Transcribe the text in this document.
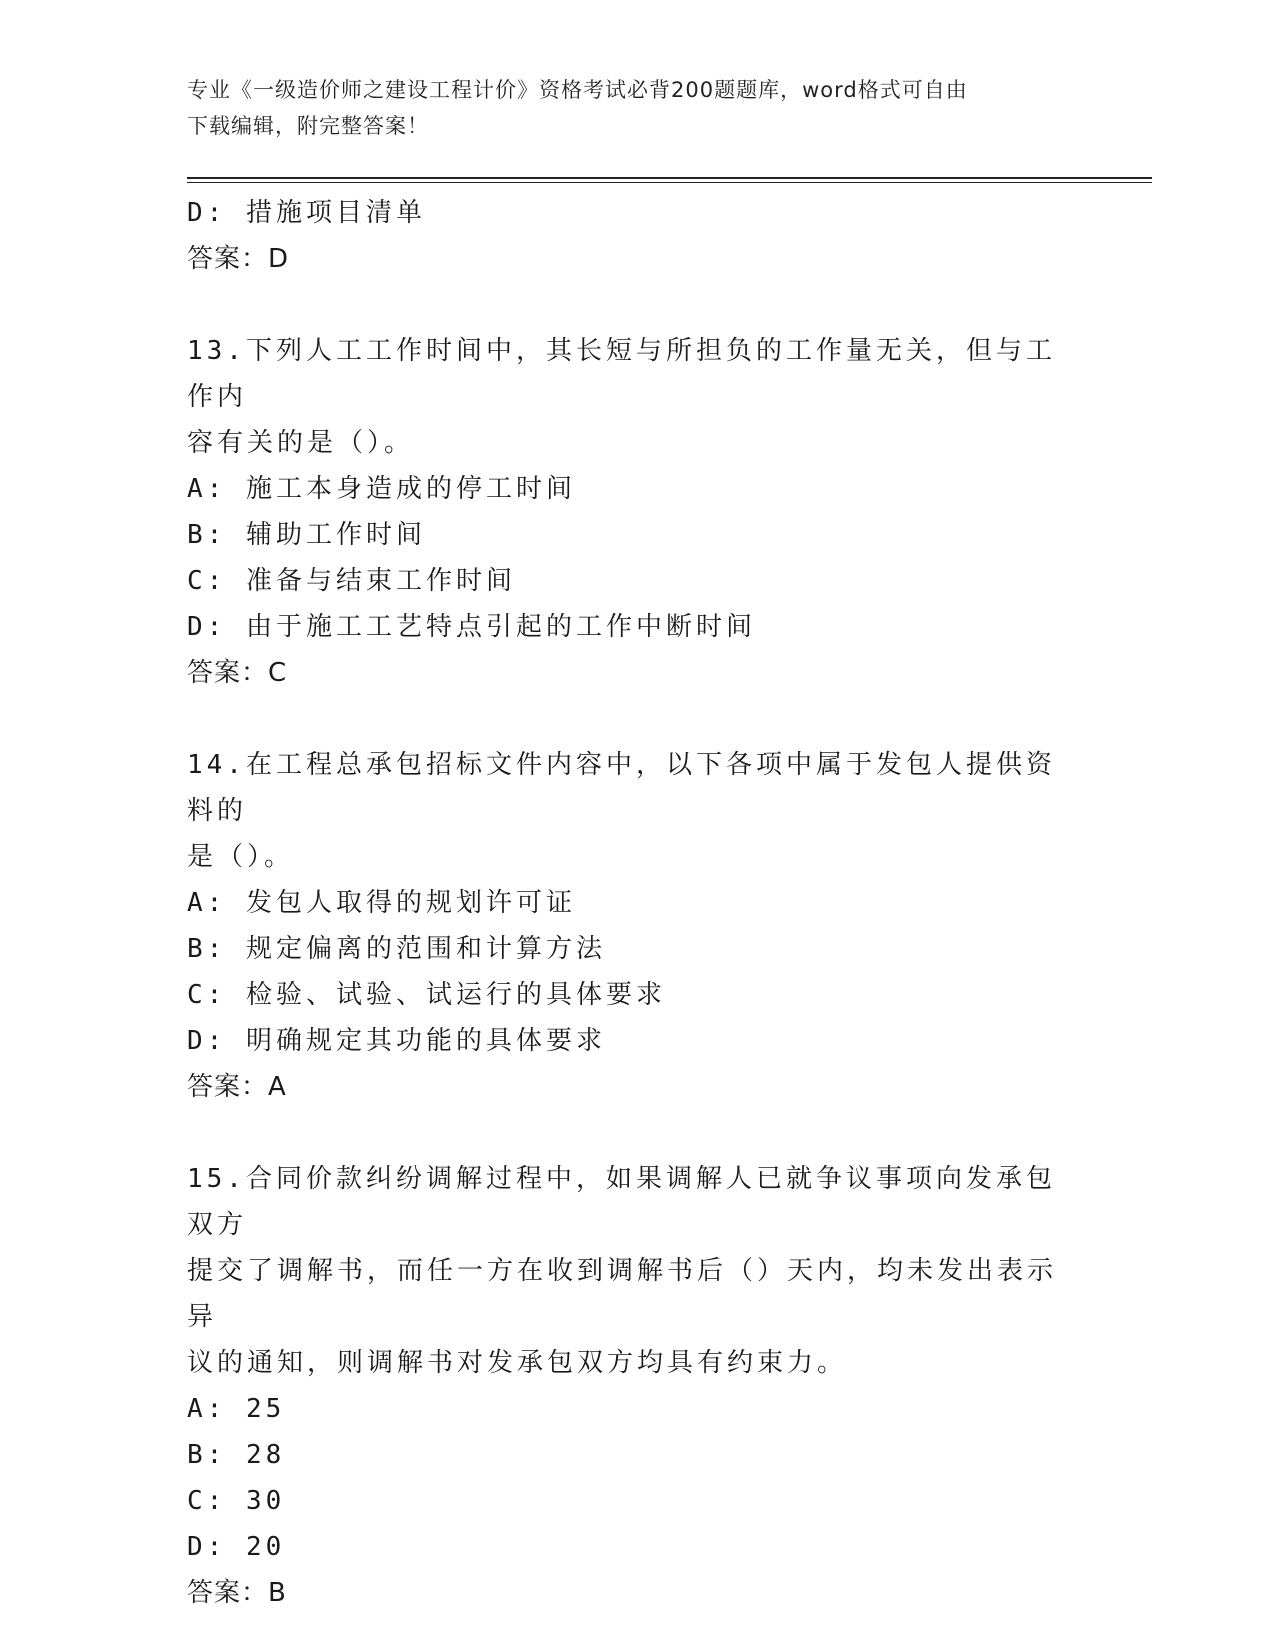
专业《一级造价师之建设工程计价》资格考试必背200题题库，word格式可自由
下载编辑，附完整答案！
D: 措施项目清单
答案：D
13.下列人工工作时间中，其长短与所担负的工作量无关，但与工作内
容有关的是（）。
A: 施工本身造成的停工时间
B: 辅助工作时间
C: 准备与结束工作时间
D: 由于施工工艺特点引起的工作中断时间
答案：C
14.在工程总承包招标文件内容中，以下各项中属于发包人提供资料的
是（）。
A: 发包人取得的规划许可证
B: 规定偏离的范围和计算方法
C: 检验、试验、试运行的具体要求
D: 明确规定其功能的具体要求
答案：A
15.合同价款纠纷调解过程中，如果调解人已就争议事项向发承包双方
提交了调解书，而任一方在收到调解书后（）天内，均未发出表示异
议的通知，则调解书对发承包双方均具有约束力。
A: 25
B: 28
C: 30
D: 20
答案：B
